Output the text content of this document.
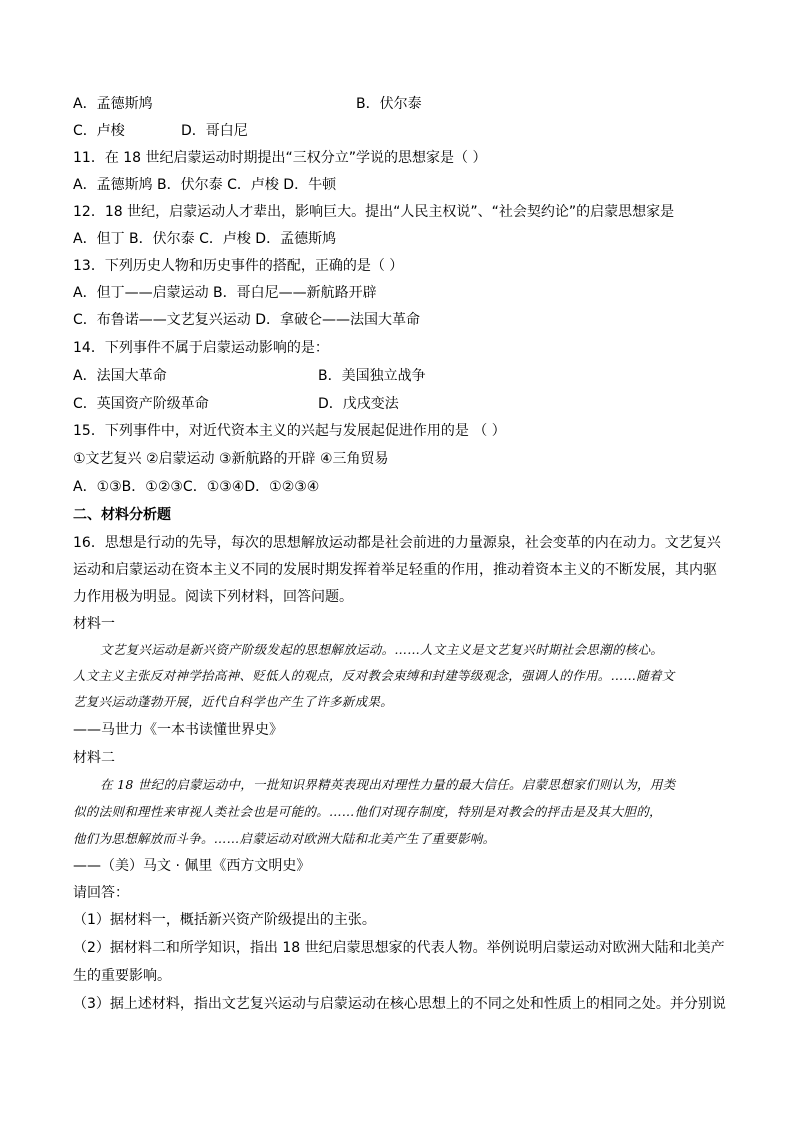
A．孟德斯鸠	B．伏尔泰
C．卢梭	D．哥白尼
11．在 18 世纪启蒙运动时期提出“三权分立”学说的思想家是（ ）
A．孟德斯鸠 B．伏尔泰 C．卢梭 D．牛顿
12．18 世纪，启蒙运动人才辈出，影响巨大。提出“人民主权说”、“社会契约论”的启蒙思想家是
A．但丁 B．伏尔泰 C．卢梭 D．孟德斯鸠
13．下列历史人物和历史事件的搭配，正确的是（ ）
A．但丁——启蒙运动 B．哥白尼——新航路开辟
C．布鲁诺——文艺复兴运动 D．拿破仑——法国大革命
14．下列事件不属于启蒙运动影响的是：
A．法国大革命	B．美国独立战争
C．英国资产阶级革命	D．戊戌变法
15．下列事件中，对近代资本主义的兴起与发展起促进作用的是 （ ）
①文艺复兴 ②启蒙运动 ③新航路的开辟 ④三角贸易
A．①③B．①②③C．①③④D．①②③④
二、材料分析题
16．思想是行动的先导，每次的思想解放运动都是社会前进的力量源泉，社会变革的内在动力。文艺复兴
运动和启蒙运动在资本主义不同的发展时期发挥着举足轻重的作用，推动着资本主义的不断发展，其内驱
力作用极为明显。阅读下列材料，回答问题。
材料一
文艺复兴运动是新兴资产阶级发起的思想解放运动。……人文主义是文艺复兴时期社会思潮的核心。
人文主义主张反对神学抬高神、贬低人的观点，反对教会束缚和封建等级观念，强调人的作用。……随着文
艺复兴运动蓬勃开展，近代自科学也产生了许多新成果。
——马世力《一本书读懂世界史》
材料二
在 18 世纪的启蒙运动中，一批知识界精英表现出对理性力量的最大信任。启蒙思想家们则认为，用类
似的法则和理性来审视人类社会也是可能的。……他们对现存制度，特别是对教会的抨击是及其大胆的，
他们为思想解放而斗争。……启蒙运动对欧洲大陆和北美产生了重要影响。
——（美）马文 · 佩里《西方文明史》
请回答：
（1）据材料一，概括新兴资产阶级提出的主张。
（2）据材料二和所学知识，指出 18 世纪启蒙思想家的代表人物。举例说明启蒙运动对欧洲大陆和北美产
生的重要影响。
（3）据上述材料，指出文艺复兴运动与启蒙运动在核心思想上的不同之处和性质上的相同之处。并分别说
